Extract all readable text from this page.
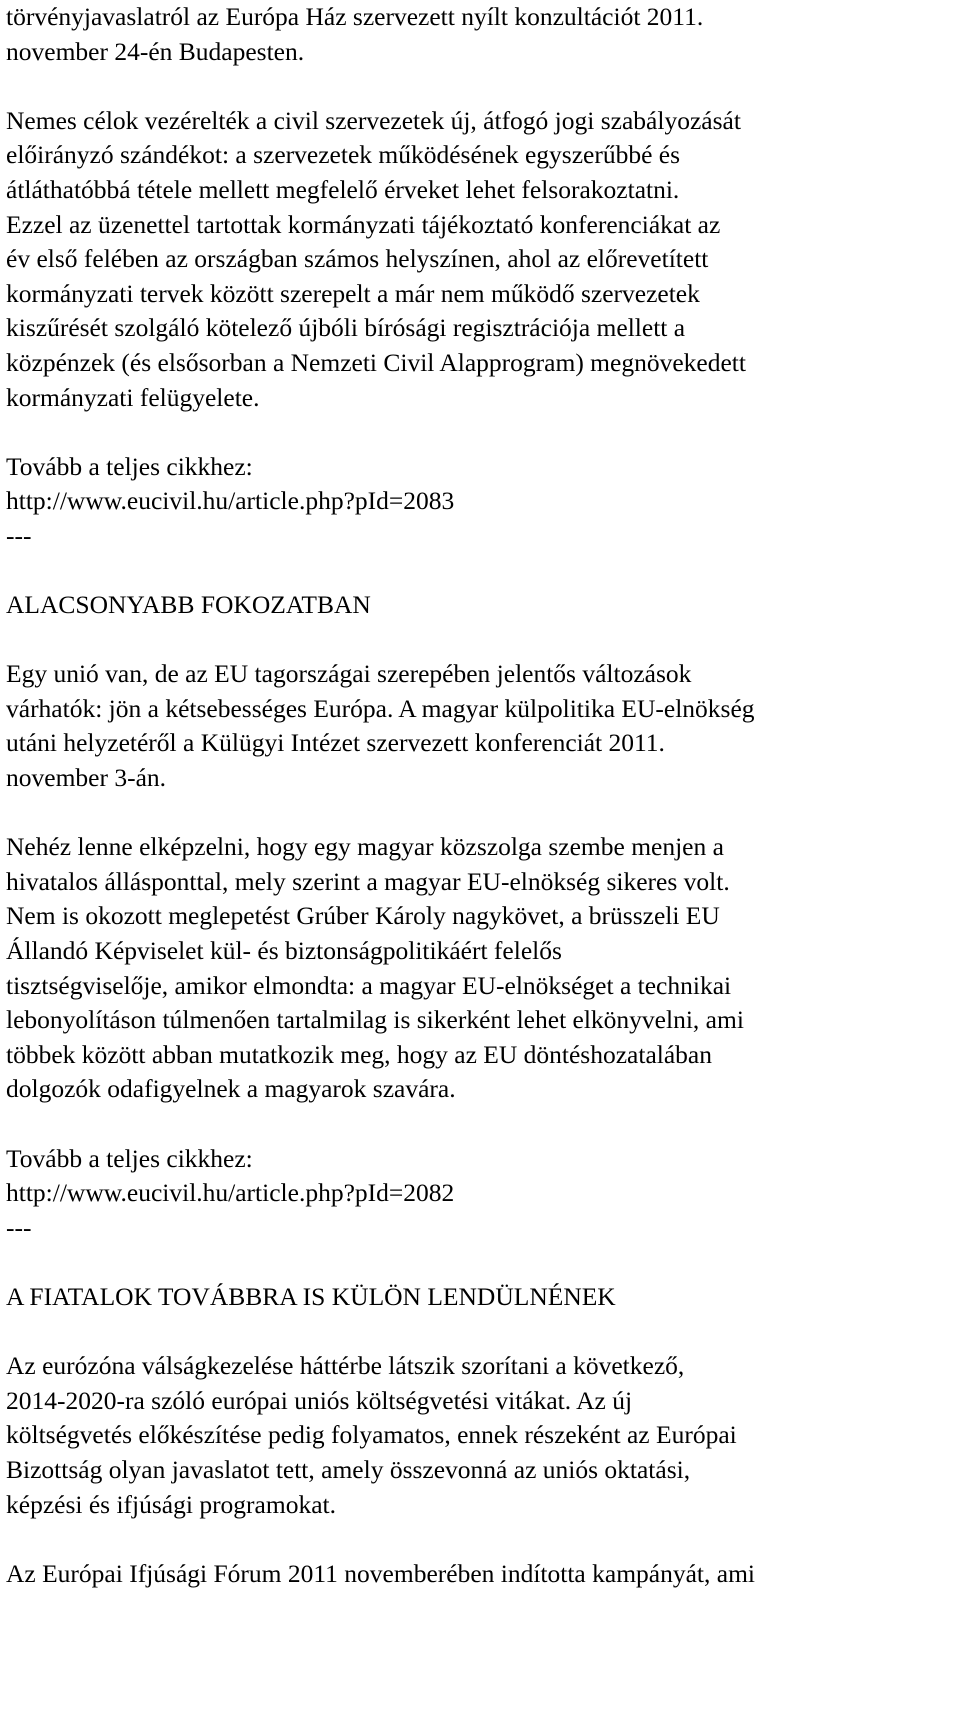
törvényjavaslatról az Európa Ház szervezett nyílt konzultációt 2011.
november 24-én Budapesten.
Nemes célok vezérelték a civil szervezetek új, átfogó jogi szabályozását
előirányzó szándékot: a szervezetek működésének egyszerűbbé és
átláthatóbbá tétele mellett megfelelő érveket lehet felsorakoztatni.
Ezzel az üzenettel tartottak kormányzati tájékoztató konferenciákat az
év első felében az országban számos helyszínen, ahol az előrevetített
kormányzati tervek között szerepelt a már nem működő szervezetek
kiszűrését szolgáló kötelező újbóli bírósági regisztrációja mellett a
közpénzek (és elsősorban a Nemzeti Civil Alapprogram) megnövekedett
kormányzati felügyelete.
Tovább a teljes cikkhez:
http://www.eucivil.hu/article.php?pId=2083
---
ALACSONYABB FOKOZATBAN
Egy unió van, de az EU tagországai szerepében jelentős változások
várhatók: jön a kétsebességes Európa. A magyar külpolitika EU-elnökség
utáni helyzetéről a Külügyi Intézet szervezett konferenciát 2011.
november 3-án.
Nehéz lenne elképzelni, hogy egy magyar közszolga szembe menjen a
hivatalos állásponttal, mely szerint a magyar EU-elnökség sikeres volt.
Nem is okozott meglepetést Grúber Károly nagykövet, a brüsszeli EU
Állandó Képviselet kül- és biztonságpolitikáért felelős
tisztségviselője, amikor elmondta: a magyar EU-elnökséget a technikai
lebonyolításon túlmenően tartalmilag is sikerként lehet elkönyvelni, ami
többek között abban mutatkozik meg, hogy az EU döntéshozatalában
dolgozók odafigyelnek a magyarok szavára.
Tovább a teljes cikkhez:
http://www.eucivil.hu/article.php?pId=2082
---
A FIATALOK TOVÁBBRA IS KÜLÖN LENDÜLNÉNEK
Az eurózóna válságkezelése háttérbe látszik szorítani a következő,
2014-2020-ra szóló európai uniós költségvetési vitákat. Az új
költségvetés előkészítése pedig folyamatos, ennek részeként az Európai
Bizottság olyan javaslatot tett, amely összevonná az uniós oktatási,
képzési és ifjúsági programokat.
Az Európai Ifjúsági Fórum 2011 novemberében indította kampányát, ami
